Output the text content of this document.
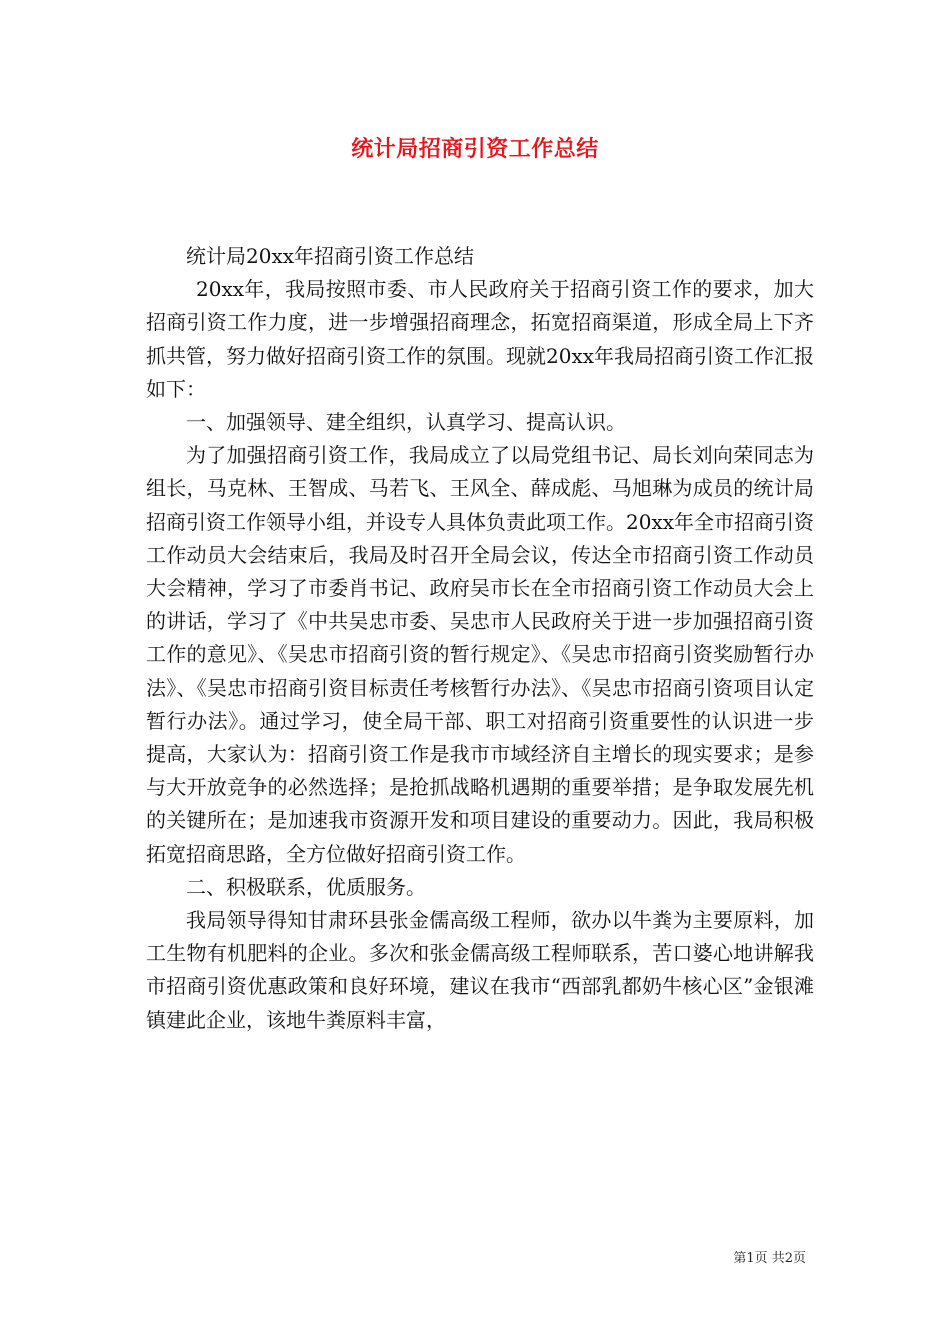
统计局招商引资工作总结

统计局20xx年招商引资工作总结

20xx年，我局按照市委、市人民政府关于招商引资工作的要求，加大招商引资工作力度，进一步增强招商理念，拓宽招商渠道，形成全局上下齐抓共管，努力做好招商引资工作的氛围。现就20xx年我局招商引资工作汇报如下：

一、加强领导、建全组织，认真学习、提高认识。

为了加强招商引资工作，我局成立了以局党组书记、局长刘向荣同志为组长，马克林、王智成、马若飞、王风全、薛成彪、马旭琳为成员的统计局招商引资工作领导小组，并设专人具体负责此项工作。20xx年全市招商引资工作动员大会结束后，我局及时召开全局会议，传达全市招商引资工作动员大会精神，学习了市委肖书记、政府吴市长在全市招商引资工作动员大会上的讲话，学习了《中共吴忠市委、吴忠市人民政府关于进一步加强招商引资工作的意见》、《吴忠市招商引资的暂行规定》、《吴忠市招商引资奖励暂行办法》、《吴忠市招商引资目标责任考核暂行办法》、《吴忠市招商引资项目认定暂行办法》。通过学习，使全局干部、职工对招商引资重要性的认识进一步提高，大家认为：招商引资工作是我市市域经济自主增长的现实要求；是参与大开放竞争的必然选择；是抢抓战略机遇期的重要举措；是争取发展先机的关键所在；是加速我市资源开发和项目建设的重要动力。因此，我局积极拓宽招商思路，全方位做好招商引资工作。

二、积极联系，优质服务。

我局领导得知甘肃环县张金儒高级工程师，欲办以牛粪为主要原料，加工生物有机肥料的企业。多次和张金儒高级工程师联系，苦口婆心地讲解我市招商引资优惠政策和良好环境，建议在我市“西部乳都奶牛核心区”金银滩镇建此企业，该地牛粪原料丰富，

第1页 共2页
